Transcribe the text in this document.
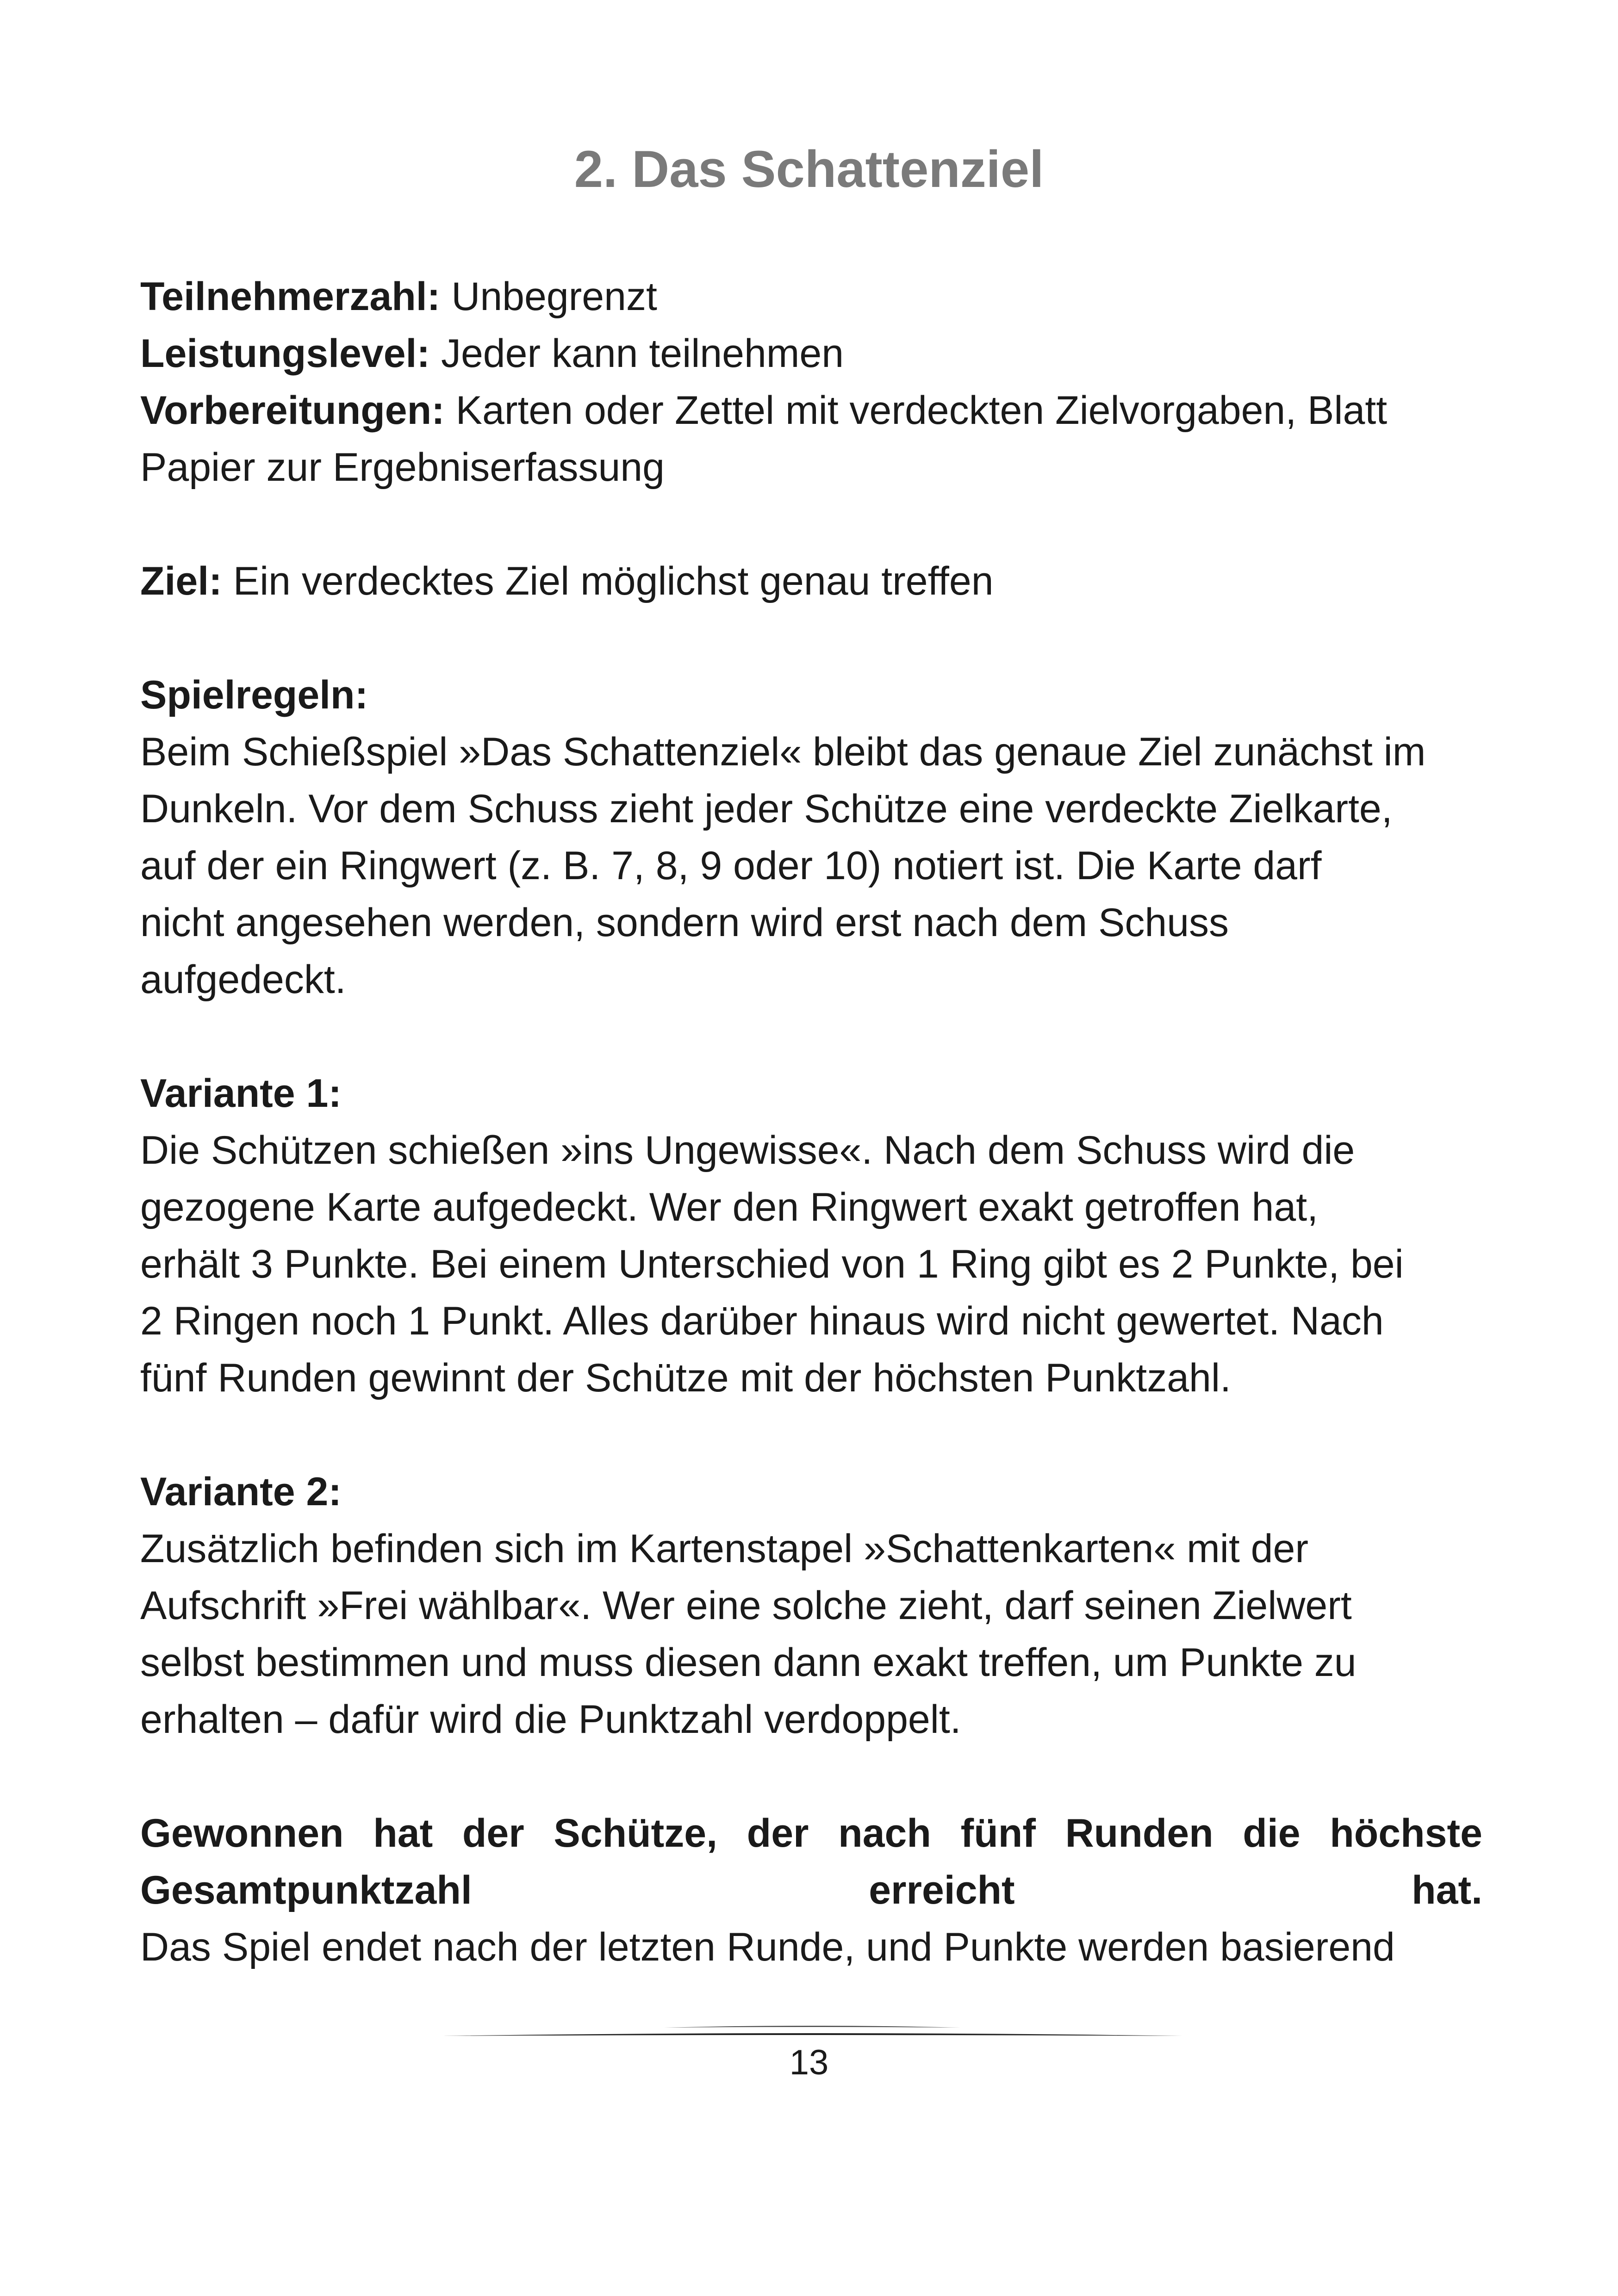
2. Das Schattenziel

Teilnehmerzahl: Unbegrenzt

Leistungslevel: Jeder kann teilnehmen

Vorbereitungen: Karten oder Zettel mit verdeckten Zielvorgaben, Blatt

Papier zur Ergebniserfassung

Ziel: Ein verdecktes Ziel möglichst genau treffen

Spielregeln:

Beim Schießspiel »Das Schattenziel« bleibt das genaue Ziel zunächst im

Dunkeln. Vor dem Schuss zieht jeder Schütze eine verdeckte Zielkarte,

auf der ein Ringwert (z. B. 7, 8, 9 oder 10) notiert ist. Die Karte darf

nicht angesehen werden, sondern wird erst nach dem Schuss

aufgedeckt.

Variante 1:

Die Schützen schießen »ins Ungewisse«. Nach dem Schuss wird die

gezogene Karte aufgedeckt. Wer den Ringwert exakt getroffen hat,

erhält 3 Punkte. Bei einem Unterschied von 1 Ring gibt es 2 Punkte, bei

2 Ringen noch 1 Punkt. Alles darüber hinaus wird nicht gewertet. Nach

fünf Runden gewinnt der Schütze mit der höchsten Punktzahl.

Variante 2:

Zusätzlich befinden sich im Kartenstapel »Schattenkarten« mit der

Aufschrift »Frei wählbar«. Wer eine solche zieht, darf seinen Zielwert

selbst bestimmen und muss diesen dann exakt treffen, um Punkte zu

erhalten – dafür wird die Punktzahl verdoppelt.

Gewonnen hat der Schütze, der nach fünf Runden die höchste
Gesamtpunktzahl	erreicht	hat.

Das Spiel endet nach der letzten Runde, und Punkte werden basierend

13
